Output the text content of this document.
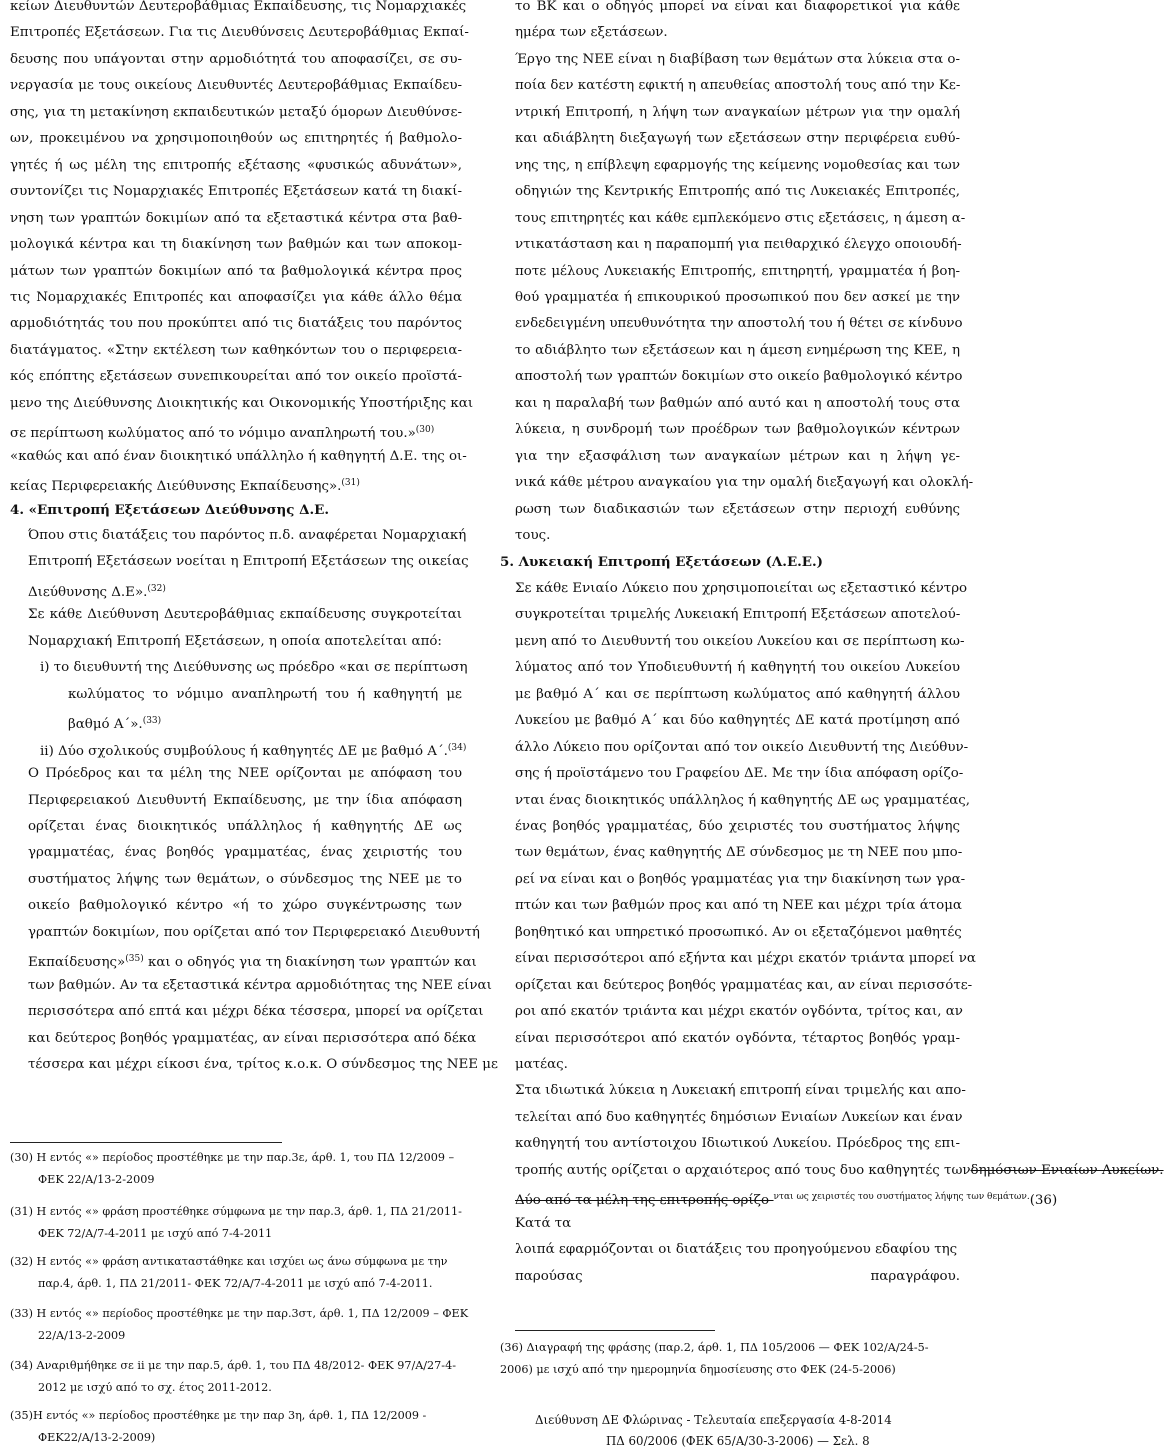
κείων Διευθυντών Δευτεροβάθμιας Εκπαίδευσης, τις Νομαρχιακές
Επιτροπές Εξετάσεων. Για τις Διευθύνσεις Δευτεροβάθμιας Εκπαί-
δευσης που υπάγονται στην αρμοδιότητά του αποφασίζει, σε συ-
νεργασία με τους οικείους Διευθυντές Δευτεροβάθμιας Εκπαίδευ-
σης, για τη μετακίνηση εκπαιδευτικών μεταξύ όμορων Διευθύνσε-
ων, προκειμένου να χρησιμοποιηθούν ως επιτηρητές ή βαθμολο-
γητές ή ως μέλη της επιτροπής εξέτασης «φυσικώς αδυνάτων»,
συντονίζει τις Νομαρχιακές Επιτροπές Εξετάσεων κατά τη διακί-
νηση των γραπτών δοκιμίων από τα εξεταστικά κέντρα στα βαθ-
μολογικά κέντρα και τη διακίνηση των βαθμών και των αποκομ-
μάτων των γραπτών δοκιμίων από τα βαθμολογικά κέντρα προς
τις Νομαρχιακές Επιτροπές και αποφασίζει για κάθε άλλο θέμα
αρμοδιότητάς του που προκύπτει από τις διατάξεις του παρόντος
διατάγματος. «Στην εκτέλεση των καθηκόντων του ο περιφερεια-
κός επόπτης εξετάσεων συνεπικουρείται από τον οικείο προϊστά-
μενο της Διεύθυνσης Διοικητικής και Οικονομικής Υποστήριξης και
σε περίπτωση κωλύματος από το νόμιμο αναπληρωτή του.»$^{(30)}$
«καθώς και από έναν διοικητικό υπάλληλο ή καθηγητή Δ.Ε. της οι-
κείας Περιφερειακής Διεύθυνσης Εκπαίδευσης».$^{(31)}$
4. «Επιτροπή Εξετάσεων Διεύθυνσης Δ.Ε.
Όπου στις διατάξεις του παρόντος π.δ. αναφέρεται Νομαρχιακή
Επιτροπή Εξετάσεων νοείται η Επιτροπή Εξετάσεων της οικείας
Διεύθυνσης Δ.Ε».$^{(32)}$
Σε κάθε Διεύθυνση Δευτεροβάθμιας εκπαίδευσης συγκροτείται
Νομαρχιακή Επιτροπή Εξετάσεων, η οποία αποτελείται από:
i) το διευθυντή της Διεύθυνσης ως πρόεδρο «και σε περίπτωση
κωλύματος το νόμιμο αναπληρωτή του ή καθηγητή με
βαθμό Α΄».$^{(33)}$
ii) Δύο σχολικούς συμβούλους ή καθηγητές ΔΕ με βαθμό Α΄.$^{(34)}$
Ο Πρόεδρος και τα μέλη της ΝΕΕ ορίζονται με απόφαση του
Περιφερειακού Διευθυντή Εκπαίδευσης, με την ίδια απόφαση
ορίζεται ένας διοικητικός υπάλληλος ή καθηγητής ΔΕ ως
γραμματέας, ένας βοηθός γραμματέας, ένας χειριστής του
συστήματος λήψης των θεμάτων, ο σύνδεσμος της ΝΕΕ με το
οικείο βαθμολογικό κέντρο «ή το χώρο συγκέντρωσης των
γραπτών δοκιμίων, που ορίζεται από τον Περιφερειακό Διευθυντή
Εκπαίδευσης»$^{(35)}$ και ο οδηγός για τη διακίνηση των γραπτών και
των βαθμών. Αν τα εξεταστικά κέντρα αρμοδιότητας της ΝΕΕ είναι
περισσότερα από επτά και μέχρι δέκα τέσσερα, μπορεί να ορίζεται
και δεύτερος βοηθός γραμματέας, αν είναι περισσότερα από δέκα
τέσσερα και μέχρι είκοσι ένα, τρίτος κ.ο.κ. Ο σύνδεσμος της ΝΕΕ με
(30) Η εντός «» περίοδος προστέθηκε με την παρ.3ε, άρθ. 1, του ΠΔ 12/2009 –
ΦΕΚ 22/Α/13-2-2009
(31) Η εντός «» φράση προστέθηκε σύμφωνα με την παρ.3, άρθ. 1, ΠΔ 21/2011-
ΦΕΚ 72/Α/7-4-2011 με ισχύ από 7-4-2011
(32) Η εντός «» φράση αντικαταστάθηκε και ισχύει ως άνω σύμφωνα με την
παρ.4, άρθ. 1, ΠΔ 21/2011- ΦΕΚ 72/Α/7-4-2011 με ισχύ από 7-4-2011.
(33) Η εντός «» περίοδος προστέθηκε με την παρ.3στ, άρθ. 1, ΠΔ 12/2009 – ΦΕΚ
22/Α/13-2-2009
(34) Αναριθμήθηκε σε ii με την παρ.5, άρθ. 1, του ΠΔ 48/2012- ΦΕΚ 97/Α/27-4-
2012 με ισχύ από το σχ. έτος 2011-2012.
(35)Η εντός «» περίοδος προστέθηκε με την παρ 3η, άρθ. 1, ΠΔ 12/2009 -
ΦΕΚ22/Α/13-2-2009)
το ΒΚ και ο οδηγός μπορεί να είναι και διαφορετικοί για κάθε
ημέρα των εξετάσεων.
Έργο της ΝΕΕ είναι η διαβίβαση των θεμάτων στα λύκεια στα ο-
ποία δεν κατέστη εφικτή η απευθείας αποστολή τους από την Κε-
ντρική Επιτροπή, η λήψη των αναγκαίων μέτρων για την ομαλή
και αδιάβλητη διεξαγωγή των εξετάσεων στην περιφέρεια ευθύ-
νης της, η επίβλεψη εφαρμογής της κείμενης νομοθεσίας και των
οδηγιών της Κεντρικής Επιτροπής από τις Λυκειακές Επιτροπές,
τους επιτηρητές και κάθε εμπλεκόμενο στις εξετάσεις, η άμεση α-
ντικατάσταση και η παραπομπή για πειθαρχικό έλεγχο οποιουδή-
ποτε μέλους Λυκειακής Επιτροπής, επιτηρητή, γραμματέα ή βοη-
θού γραμματέα ή επικουρικού προσωπικού που δεν ασκεί με την
ενδεδειγμένη υπευθυνότητα την αποστολή του ή θέτει σε κίνδυνο
το αδιάβλητο των εξετάσεων και η άμεση ενημέρωση της ΚΕΕ, η
αποστολή των γραπτών δοκιμίων στο οικείο βαθμολογικό κέντρο
και η παραλαβή των βαθμών από αυτό και η αποστολή τους στα
λύκεια, η συνδρομή των προέδρων των βαθμολογικών κέντρων
για την εξασφάλιση των αναγκαίων μέτρων και η λήψη γε-
νικά κάθε μέτρου αναγκαίου για την ομαλή διεξαγωγή και ολοκλή-
ρωση των διαδικασιών των εξετάσεων στην περιοχή ευθύνης
τους.
5. Λυκειακή Επιτροπή Εξετάσεων (Λ.Ε.Ε.)
Σε κάθε Ενιαίο Λύκειο που χρησιμοποιείται ως εξεταστικό κέντρο
συγκροτείται τριμελής Λυκειακή Επιτροπή Εξετάσεων αποτελού-
μενη από το Διευθυντή του οικείου Λυκείου και σε περίπτωση κω-
λύματος από τον Υποδιευθυντή ή καθηγητή του οικείου Λυκείου
με βαθμό Α΄ και σε περίπτωση κωλύματος από καθηγητή άλλου
Λυκείου με βαθμό Α΄ και δύο καθηγητές ΔΕ κατά προτίμηση από
άλλο Λύκειο που ορίζονται από τον οικείο Διευθυντή της Διεύθυν-
σης ή προϊστάμενο του Γραφείου ΔΕ. Με την ίδια απόφαση ορίζο-
νται ένας διοικητικός υπάλληλος ή καθηγητής ΔΕ ως γραμματέας,
ένας βοηθός γραμματέας, δύο χειριστές του συστήματος λήψης
των θεμάτων, ένας καθηγητής ΔΕ σύνδεσμος με τη ΝΕΕ που μπο-
ρεί να είναι και ο βοηθός γραμματέας για την διακίνηση των γρα-
πτών και των βαθμών προς και από τη ΝΕΕ και μέχρι τρία άτομα
βοηθητικό και υπηρετικό προσωπικό. Αν οι εξεταζόμενοι μαθητές
είναι περισσότεροι από εξήντα και μέχρι εκατόν τριάντα μπορεί να
ορίζεται και δεύτερος βοηθός γραμματέας και, αν είναι περισσότε-
ροι από εκατόν τριάντα και μέχρι εκατόν ογδόντα, τρίτος και, αν
είναι περισσότεροι από εκατόν ογδόντα, τέταρτος βοηθός γραμ-
ματέας.
Στα ιδιωτικά λύκεια η Λυκειακή επιτροπή είναι τριμελής και απο-
τελείται από δυο καθηγητές δημόσιων Ενιαίων Λυκείων και έναν
καθηγητή του αντίστοιχου Ιδιωτικού Λυκείου. Πρόεδρος της επι-
τροπής αυτής ορίζεται ο αρχαιότερος από τους δυο καθηγητές τωνδημόσιων Ενιαίων Λυκείων.
Δύο από τα μέλη της επιτροπής ορίζο-$^{\nu\tau\alpha\iota \omega\varsigma \chi\varepsilon\iota\rho\iota\sigma\tau έ\varsigma \tau o\upsilon \sigma\upsilon\sigma\tau ή\mu\alpha\tau o\varsigma \lambda ή\psi\eta\varsigma \tau\omega\nu \theta\varepsilon\mu ά\tau\omega\nu.}$(36)
Κατά τα
λοιπά εφαρμόζονται οι διατάξεις του προηγούμενου εδαφίου της
παρούσας παραγράφου.
(36) Διαγραφή της φράσης (παρ.2, άρθ. 1, ΠΔ 105/2006 — ΦΕΚ 102/Α/24-5-
2006) με ισχύ από την ημερομηνία δημοσίευσης στο ΦΕΚ (24-5-2006)
Διεύθυνση ΔΕ Φλώρινας - Τελευταία επεξεργασία 4-8-2014
ΠΔ 60/2006 (ΦΕΚ 65/Α/30-3-2006) — Σελ. 8
